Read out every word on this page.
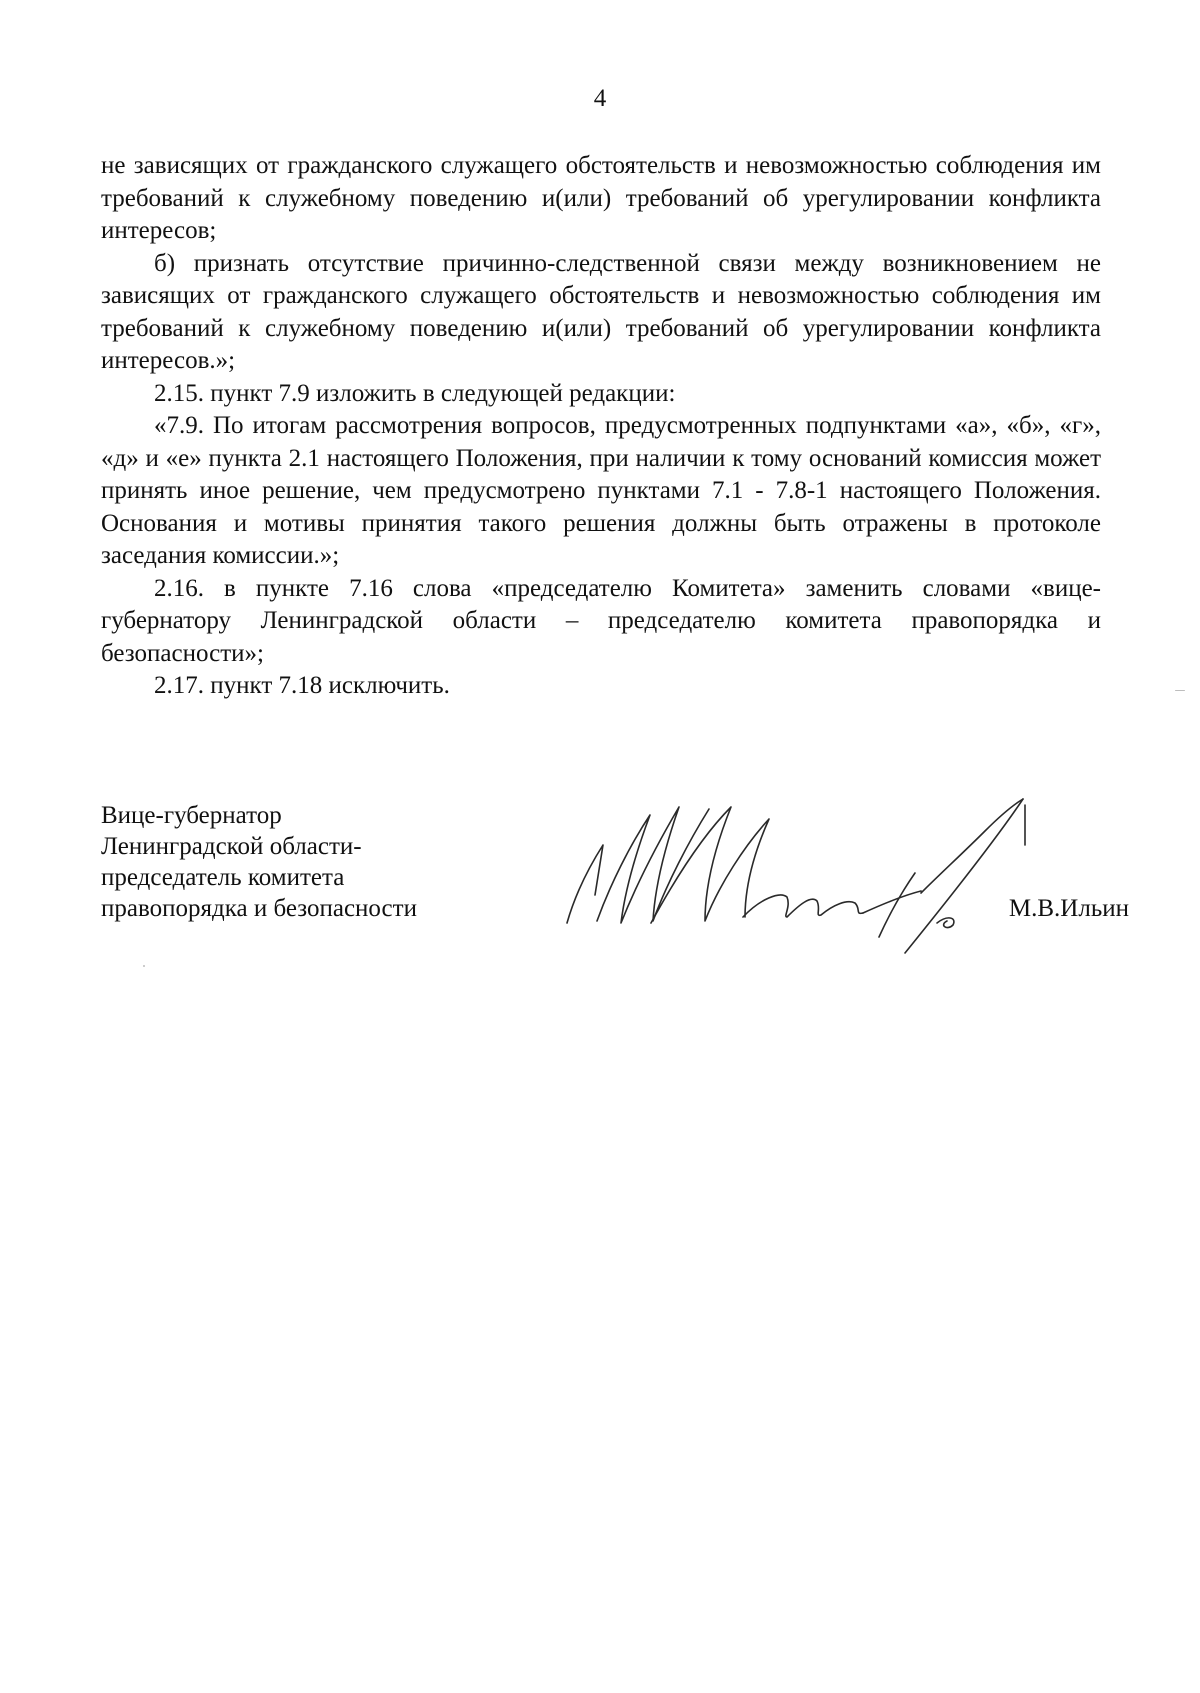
4

не зависящих от гражданского служащего обстоятельств и невозможностью соблюдения им требований к служебному поведению и(или) требований об урегулировании конфликта интересов;

б) признать отсутствие причинно-следственной связи между возникновением не зависящих от гражданского служащего обстоятельств и невозможностью соблюдения им требований к служебному поведению и(или) требований об урегулировании конфликта интересов.»;

2.15. пункт 7.9 изложить в следующей редакции:

«7.9. По итогам рассмотрения вопросов, предусмотренных подпунктами «а», «б», «г», «д» и «е» пункта 2.1 настоящего Положения, при наличии к тому оснований комиссия может принять иное решение, чем предусмотрено пунктами 7.1 - 7.8-1 настоящего Положения. Основания и мотивы принятия такого решения должны быть отражены в протоколе заседания комиссии.»;

2.16. в пункте 7.16 слова «председателю Комитета» заменить словами «вице-губернатору Ленинградской области – председателю комитета правопорядка и безопасности»;

2.17. пункт 7.18 исключить.

Вице-губернатор
Ленинградской области-
председатель комитета
правопорядка и безопасности	М.В.Ильин
